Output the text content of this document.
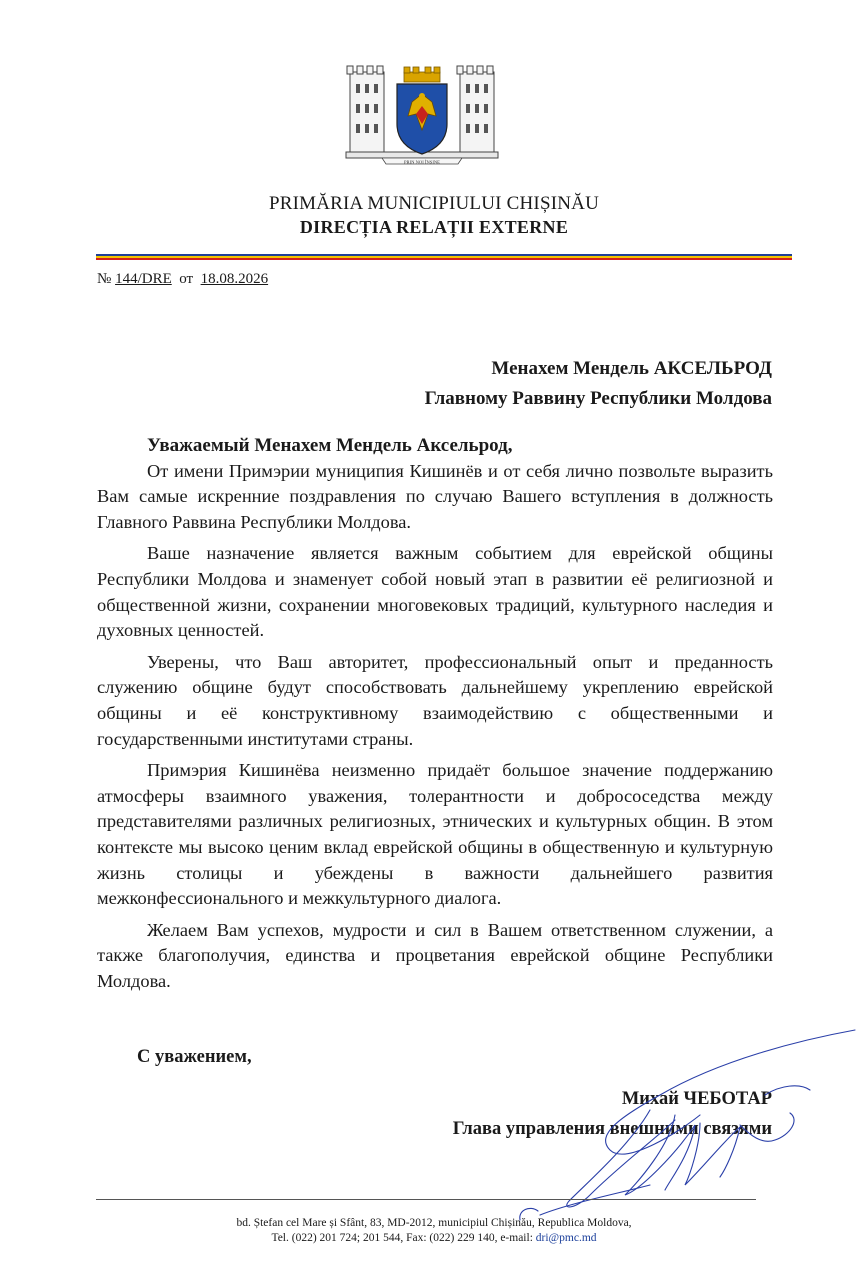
PRIN NOI ÎNȘINE
PRIMĂRIA MUNICIPIULUI CHIȘINĂU
DIRECȚIA RELAȚII EXTERNE
№ 144/DRE от 18.08.2026
Менахем Мендель АКСЕЛЬРОД
Главному Раввину Республики Молдова

Уважаемый Менахем Мендель Аксельрод,

От имени Примэрии муниципия Кишинёв и от себя лично позвольте выразить Вам самые искренние поздравления по случаю Вашего вступления в должность Главного Раввина Республики Молдова.

Ваше назначение является важным событием для еврейской общины Республики Молдова и знаменует собой новый этап в развитии её религиозной и общественной жизни, сохранении многовековых традиций, культурного наследия и духовных ценностей.

Уверены, что Ваш авторитет, профессиональный опыт и преданность служению общине будут способствовать дальнейшему укреплению еврейской общины и её конструктивному взаимодействию с общественными и государственными институтами страны.

Примэрия Кишинёва неизменно придаёт большое значение поддержанию атмосферы взаимного уважения, толерантности и добрососедства между представителями различных религиозных, этнических и культурных общин. В этом контексте мы высоко ценим вклад еврейской общины в общественную и культурную жизнь столицы и убеждены в важности дальнейшего развития межконфессионального и межкультурного диалога.

Желаем Вам успехов, мудрости и сил в Вашем ответственном служении, а также благополучия, единства и процветания еврейской общине Республики Молдова.

С уважением,
Михай ЧЕБОТАР
Глава управления внешними связями
bd. Ștefan cel Mare și Sfânt, 83, MD-2012, municipiul Chișinău, Republica Moldova,
Tel. (022) 201 724; 201 544, Fax: (022) 229 140, e-mail: dri@pmc.md
